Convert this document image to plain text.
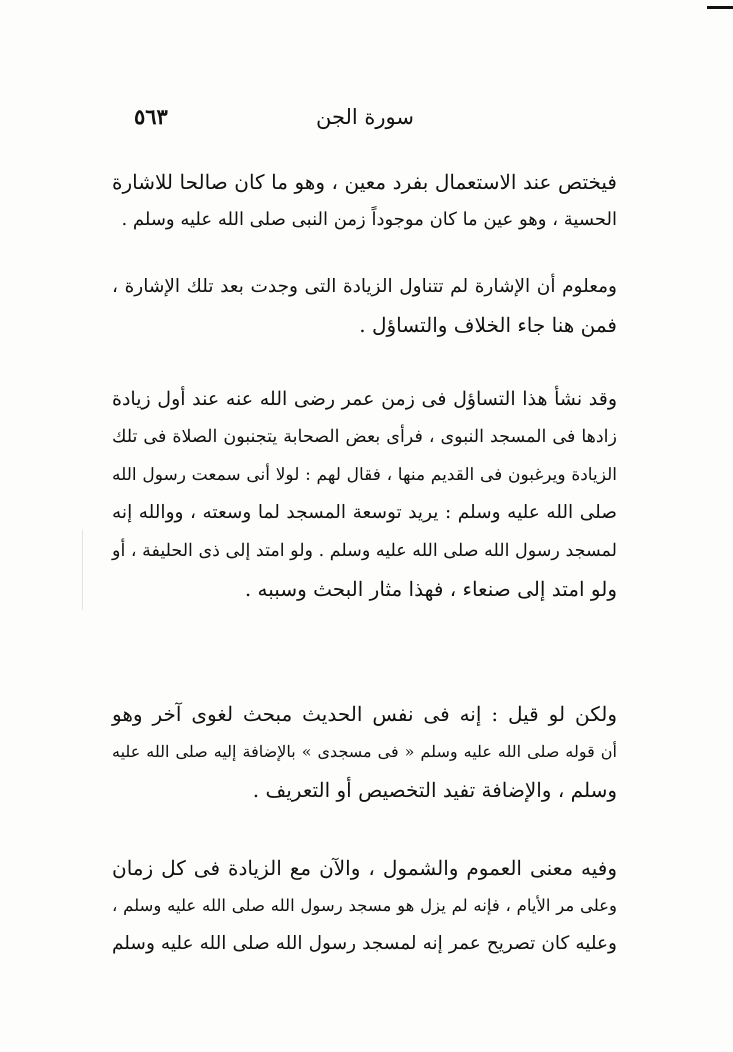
سورة الجن
٥٦٣
فيختص عند الاستعمال بفرد معين ، وهو ما كان صالحا للاشارة
الحسية ، وهو عين ما كان موجوداً زمن النبى صلى الله عليه وسلم .
ومعلوم أن الإشارة لم تتناول الزيادة التى وجدت بعد تلك الإشارة ،
فمن هنا جاء الخلاف والتساؤل .
وقد نشأ هذا التساؤل فى زمن عمر رضى الله عنه عند أول زيادة
زادها فى المسجد النبوى ، فرأى بعض الصحابة يتجنبون الصلاة فى تلك
الزيادة ويرغبون فى القديم منها ، فقال لهم : لولا أنى سمعت رسول الله
صلى الله عليه وسلم : يريد توسعة المسجد لما وسعته ، ووالله إنه
لمسجد رسول الله صلى الله عليه وسلم . ولو امتد إلى ذى الحليفة ، أو
ولو امتد إلى صنعاء ، فهذا مثار البحث وسببه .
ولكن لو قيل : إنه فى نفس الحديث مبحث لغوى آخر وهو
أن قوله صلى الله عليه وسلم « فى مسجدى » بالإضافة إليه صلى الله عليه
وسلم ، والإضافة تفيد التخصيص أو التعريف .
وفيه معنى العموم والشمول ، والآن مع الزيادة فى كل زمان
وعلى مر الأيام ، فإنه لم يزل هو مسجد رسول الله صلى الله عليه وسلم ،
وعليه كان تصريح عمر إنه لمسجد رسول الله صلى الله عليه وسلم
